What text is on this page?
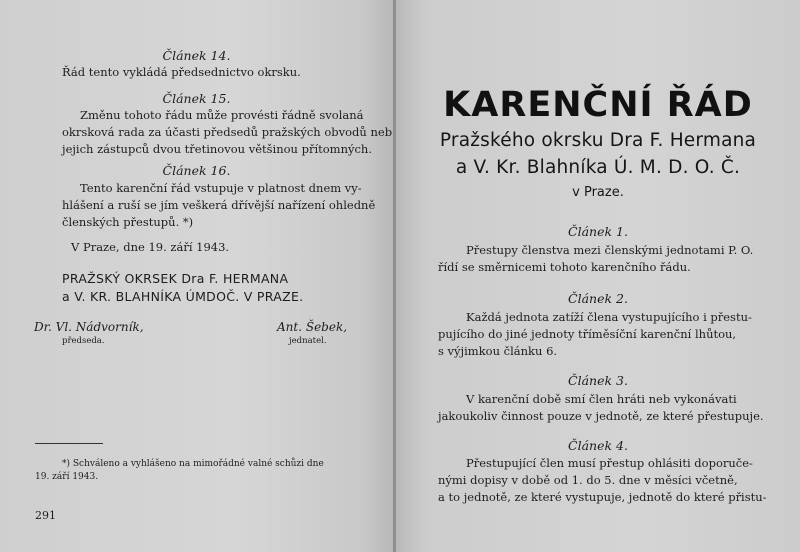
Článek 14.
Řád tento vykládá předsednictvo okrsku.
Článek 15.
Změnu tohoto řádu může provésti řádně svolaná
okrsková rada za účasti předsedů pražských obvodů neb
jejich zástupců dvou třetinovou většinou přítomných.
Článek 16.
Tento karenční řád vstupuje v platnost dnem vy-
hlášení a ruší se jím veškerá dřívější nařízení ohledně
členských přestupů. *)
V Praze, dne 19. září 1943.
PRAŽSKÝ OKRSEK Dra F. HERMANA
a V. KR. BLAHNÍKA ÚMDOČ. V PRAZE.
Dr. Vl. Nádvorník,
předseda.
Ant. Šebek,
jednatel.
*) Schváleno a vyhlášeno na mimořádné valné schůzi dne
19. září 1943.
291
KARENČNÍ ŘÁD
Pražského okrsku Dra F. Hermana
a V. Kr. Blahníka Ú. M. D. O. Č.
v Praze.
Článek 1.
Přestupy členstva mezi členskými jednotami P. O.
řídí se směrnicemi tohoto karenčního řádu.
Článek 2.
Každá jednota zatíží člena vystupujícího i přestu-
pujícího do jiné jednoty tříměsíční karenční lhůtou,
s výjimkou článku 6.
Článek 3.
V karenční době smí člen hráti neb vykonávati
jakoukoliv činnost pouze v jednotě, ze které přestupuje.
Článek 4.
Přestupující člen musí přestup ohlásiti doporuče-
nými dopisy v době od 1. do 5. dne v měsíci včetně,
a to jednotě, ze které vystupuje, jednotě do které přistu-
